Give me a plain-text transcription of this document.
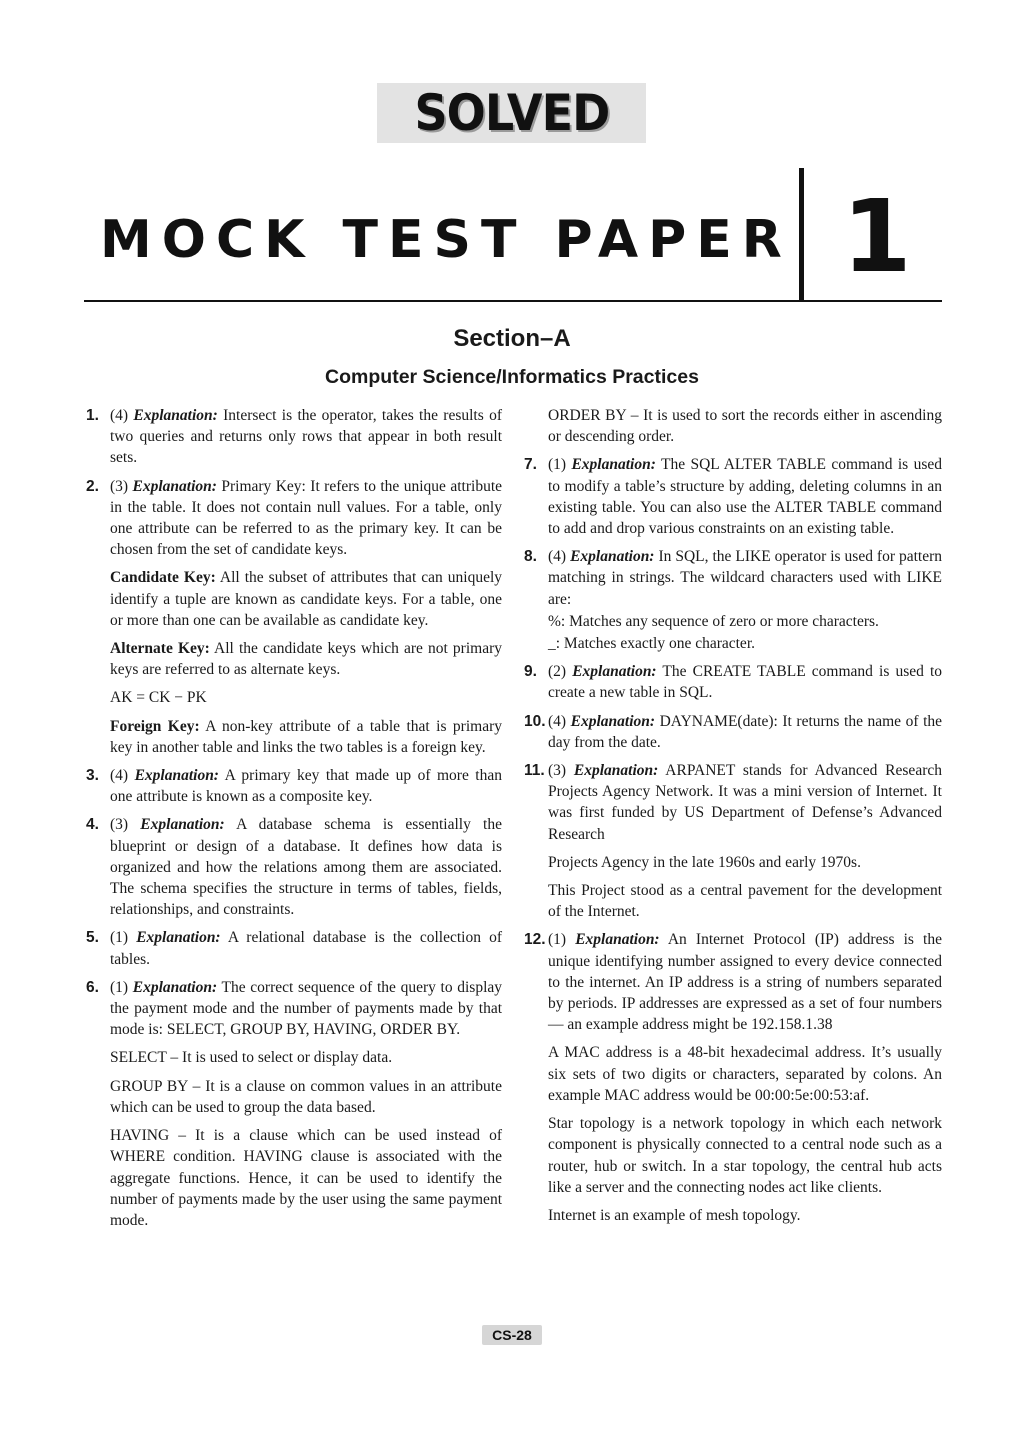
SOLVED
MOCK TEST PAPER 1
Section–A
Computer Science/Informatics Practices
1. (4) Explanation: Intersect is the operator, takes the results of two queries and returns only rows that appear in both result sets.
2. (3) Explanation: Primary Key: It refers to the unique attribute in the table. It does not contain null values. For a table, only one attribute can be referred to as the primary key. It can be chosen from the set of candidate keys.
Candidate Key: All the subset of attributes that can uniquely identify a tuple are known as candidate keys. For a table, one or more than one can be available as candidate key.
Alternate Key: All the candidate keys which are not primary keys are referred to as alternate keys.
AK = CK − PK
Foreign Key: A non-key attribute of a table that is primary key in another table and links the two tables is a foreign key.
3. (4) Explanation: A primary key that made up of more than one attribute is known as a composite key.
4. (3) Explanation: A database schema is essentially the blueprint or design of a database. It defines how data is organized and how the relations among them are associated. The schema specifies the structure in terms of tables, fields, relationships, and constraints.
5. (1) Explanation: A relational database is the collection of tables.
6. (1) Explanation: The correct sequence of the query to display the payment mode and the number of payments made by that mode is: SELECT, GROUP BY, HAVING, ORDER BY.
SELECT – It is used to select or display data.
GROUP BY – It is a clause on common values in an attribute which can be used to group the data based.
HAVING – It is a clause which can be used instead of WHERE condition. HAVING clause is associated with the aggregate functions. Hence, it can be used to identify the number of payments made by the user using the same payment mode.
ORDER BY – It is used to sort the records either in ascending or descending order.
7. (1) Explanation: The SQL ALTER TABLE command is used to modify a table’s structure by adding, deleting columns in an existing table. You can also use the ALTER TABLE command to add and drop various constraints on an existing table.
8. (4) Explanation: In SQL, the LIKE operator is used for pattern matching in strings. The wildcard characters used with LIKE are:
%: Matches any sequence of zero or more characters.
_: Matches exactly one character.
9. (2) Explanation: The CREATE TABLE command is used to create a new table in SQL.
10. (4) Explanation: DAYNAME(date): It returns the name of the day from the date.
11. (3) Explanation: ARPANET stands for Advanced Research Projects Agency Network. It was a mini version of Internet. It was first funded by US Department of Defense’s Advanced Research
Projects Agency in the late 1960s and early 1970s.
This Project stood as a central pavement for the development of the Internet.
12. (1) Explanation: An Internet Protocol (IP) address is the unique identifying number assigned to every device connected to the internet. An IP address is a string of numbers separated by periods. IP addresses are expressed as a set of four numbers — an example address might be 192.158.1.38
A MAC address is a 48-bit hexadecimal address. It’s usually six sets of two digits or characters, separated by colons. An example MAC address would be 00:00:5e:00:53:af.
Star topology is a network topology in which each network component is physically connected to a central node such as a router, hub or switch. In a star topology, the central hub acts like a server and the connecting nodes act like clients.
Internet is an example of mesh topology.
CS-28
